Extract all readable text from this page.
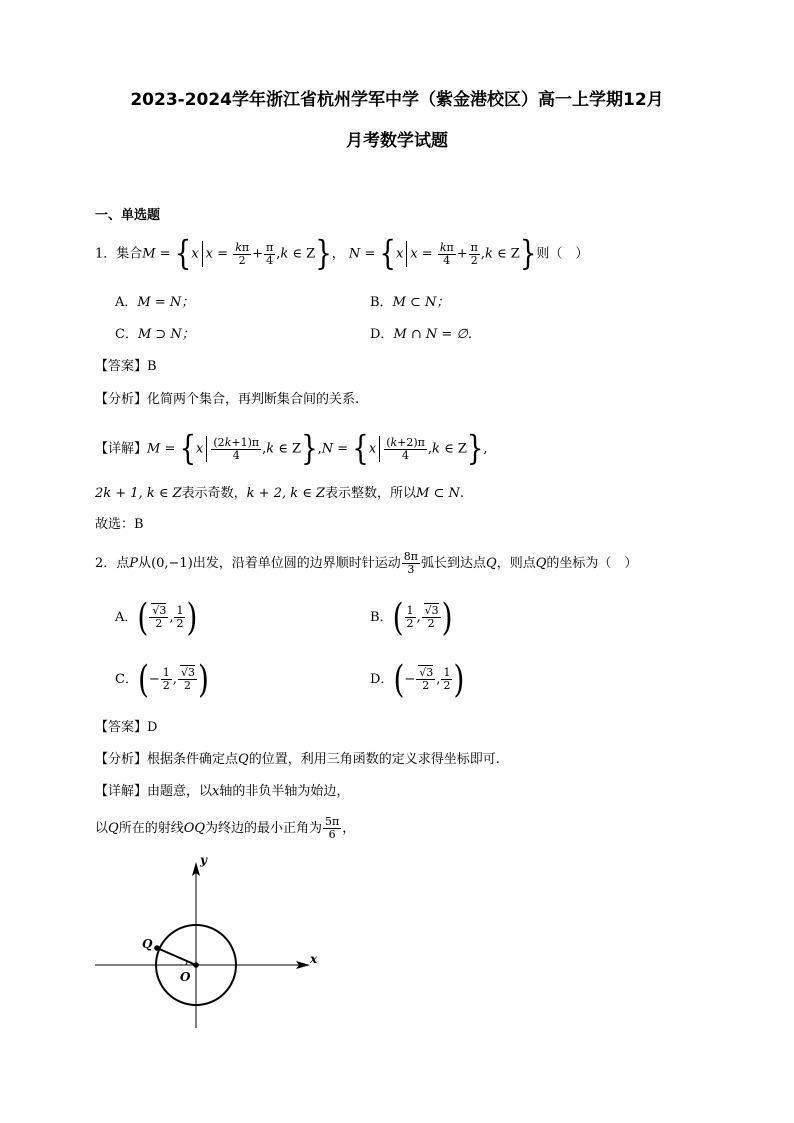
2023-2024学年浙江省杭州学军中学（紫金港校区）高一上学期12月
月考数学试题
一、单选题
1．集合M = {x $x = \frac{k\pi}{2} + \frac{\pi}{4} ,k$ ∈ Z}， N = {x $x = \frac{k\pi}{4} + \frac{\pi}{2} ,k$ ∈ Z}则（　）
A．M = N；	B．M ⊂ N；
C．M ⊃ N；	D．M ∩ N = ∅．
【答案】B
【分析】化简两个集合，再判断集合间的关系.
【详解】$M = \{x \frac{(2k+1)\pi}{4} ,k$ ∈ $Z\},N = \{x \frac{(k+2)\pi}{4} ,k$ ∈ Z},
2k + 1, k ∈ Z表示奇数，k + 2, k ∈ Z表示整数，所以M ⊂ N.
故选：B
2．点P从(0,−1)出发，沿着单位圆的边界顺时针运动 $\frac{8\pi}{3}$ 弧长到达点Q，则点Q的坐标为（　）
A．( $\frac{√3}{2}$ , $\frac{1}{2}$ )	B．( $\frac{1}{2}$ , $\frac{√3}{2}$ )
C．(− $\frac{1}{2}$ , $\frac{√3}{2}$ )	D．(− $\frac{√3}{2}$ , $\frac{1}{2}$ )
【答案】D
【分析】根据条件确定点Q的位置，利用三角函数的定义求得坐标即可.
【详解】由题意，以x轴的非负半轴为始边，
以Q所在的射线OQ为终边的最小正角为 $\frac{5\pi}{6}$ ，
y
x
Q
O
